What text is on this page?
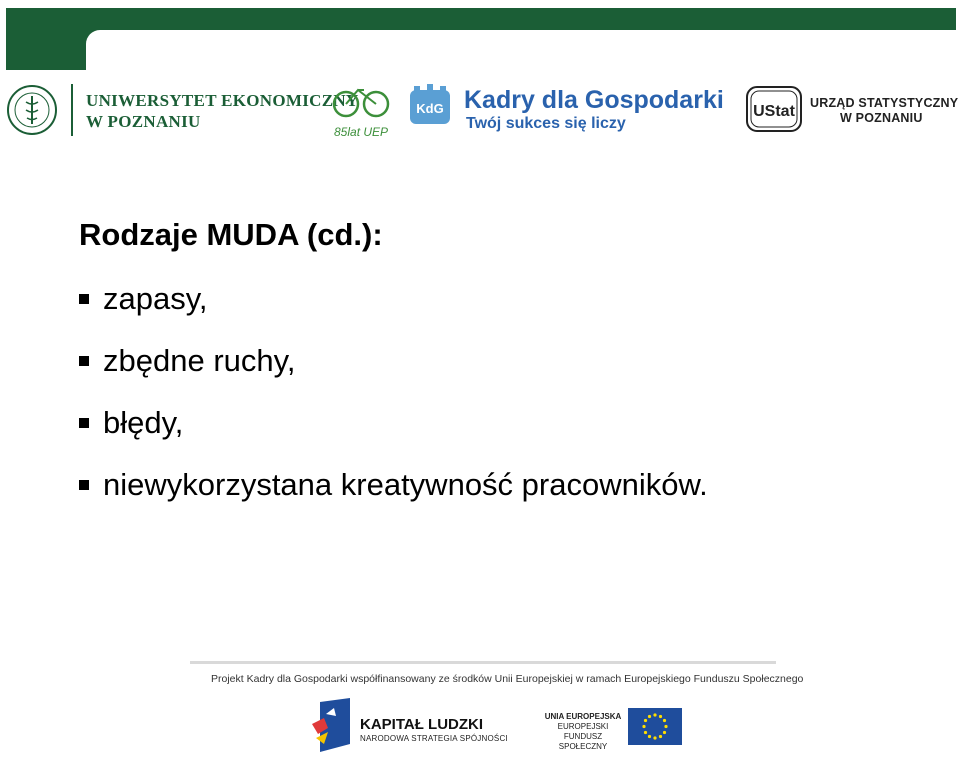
UNIWERSYTET EKONOMICZNY
W POZNANIU
85lat UEP
KdG Kadry dla Gospodarki
Twój sukces się liczy
UStat URZĄD STATYSTYCZNY
W POZNANIU
Rodzaje MUDA (cd.):
zapasy,
zbędne ruchy,
błędy,
niewykorzystana kreatywność pracowników.
Projekt Kadry dla Gospodarki współfinansowany ze środków Unii Europejskiej w ramach Europejskiego Funduszu Społecznego
KAPITAŁ LUDZKI
NARODOWA STRATEGIA SPÓJNOŚCI
UNIA EUROPEJSKA
EUROPEJSKI
FUNDUSZ SPOŁECZNY
